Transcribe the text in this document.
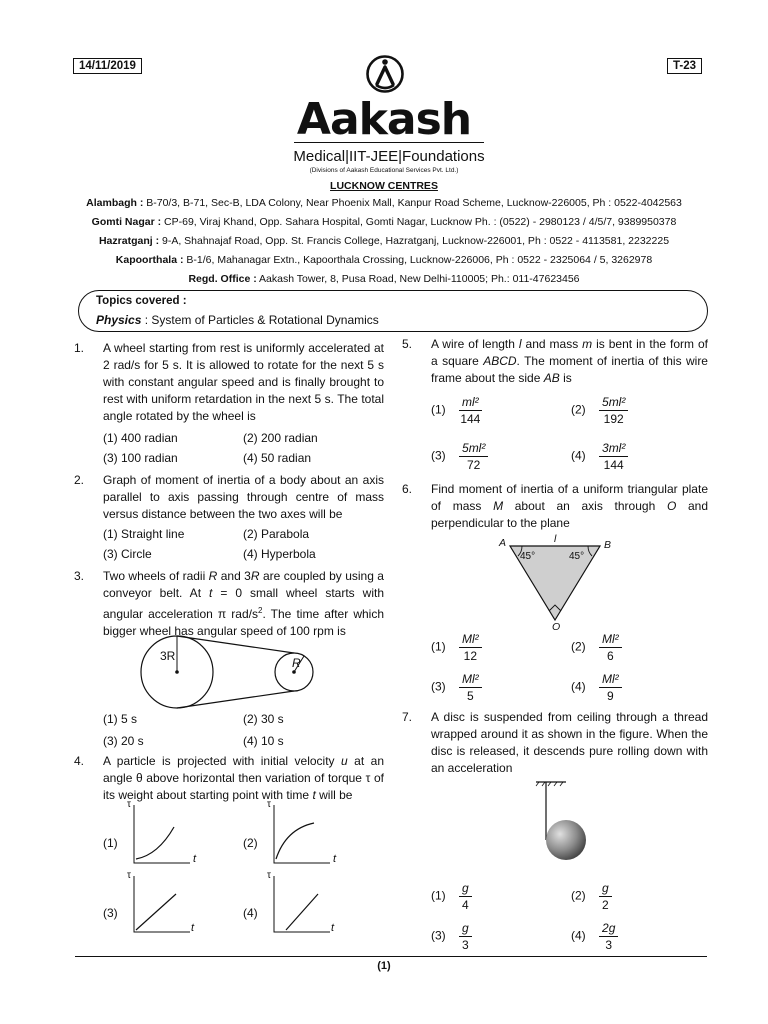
14/11/2019	T-23
Aakash
Medical|IIT-JEE|Foundations
(Divisions of Aakash Educational Services Pvt. Ltd.)
LUCKNOW CENTRES
Alambagh : B-70/3, B-71, Sec-B, LDA Colony, Near Phoenix Mall, Kanpur Road Scheme, Lucknow-226005, Ph : 0522-4042563
Gomti Nagar : CP-69, Viraj Khand, Opp. Sahara Hospital, Gomti Nagar, Lucknow Ph. : (0522) - 2980123 / 4/5/7, 9389950378
Hazratganj : 9-A, Shahnajaf Road, Opp. St. Francis College, Hazratganj, Lucknow-226001, Ph : 0522 - 4113581, 2232225
Kapoorthala : B-1/6, Mahanagar Extn., Kapoorthala Crossing, Lucknow-226006, Ph : 0522 - 2325064 / 5, 3262978
Regd. Office : Aakash Tower, 8, Pusa Road, New Delhi-110005; Ph.: 011-47623456
Topics covered :
Physics : System of Particles & Rotational Dynamics
1. A wheel starting from rest is uniformly accelerated at 2 rad/s for 5 s. It is allowed to rotate for the next 5 s with constant angular speed and is finally brought to rest with uniform retardation in the next 5 s. The total angle rotated by the wheel is
(1) 400 radian	(2) 200 radian
(3) 100 radian	(4) 50 radian
2. Graph of moment of inertia of a body about an axis parallel to axis passing through centre of mass versus distance between the two axes will be
(1) Straight line	(2) Parabola
(3) Circle	(4) Hyperbola
3. Two wheels of radii R and 3R are coupled by using a conveyor belt. At t = 0 small wheel starts with angular acceleration π rad/$s^2$. The time after which bigger wheel has angular speed of 100 rpm is
3R	R
(1) 5 s	(2) 30 s
(3) 20 s	(4) 10 s
4. A particle is projected with initial velocity u at an angle θ above horizontal then variation of torque τ of its weight about starting point with time t will be
(1)
τ
t
(2)
τ
t
(3)
τ
t
(4)
τ
t
5. A wire of length l and mass m is bent in the form of a square ABCD. The moment of inertia of this wire frame about the side AB is
$(1) \frac{\text{ml²}}{144}$	$(2) \frac{\text{5ml²}}{192}$
$(3) \frac{\text{5ml²}}{72}$	$(4) \frac{\text{3ml²}}{144}$
6. Find moment of inertia of a uniform triangular plate of mass M about an axis through O and perpendicular to the plane
A	B
O
l
45°	45°
$(1) \frac{\text{Ml²}}{12}$	$(2) \frac{\text{Ml²}}{6}$
$(3) \frac{\text{Ml²}}{5}$	$(4) \frac{\text{Ml²}}{9}$
7. A disc is suspended from ceiling through a thread wrapped around it as shown in the figure. When the disc is released, it descends pure rolling down with an acceleration
$(1) \frac{g}{4}$	$(2) \frac{g}{2}$
$(3) \frac{g}{3}$	$(4) \frac{2g}{3}$
(1)
